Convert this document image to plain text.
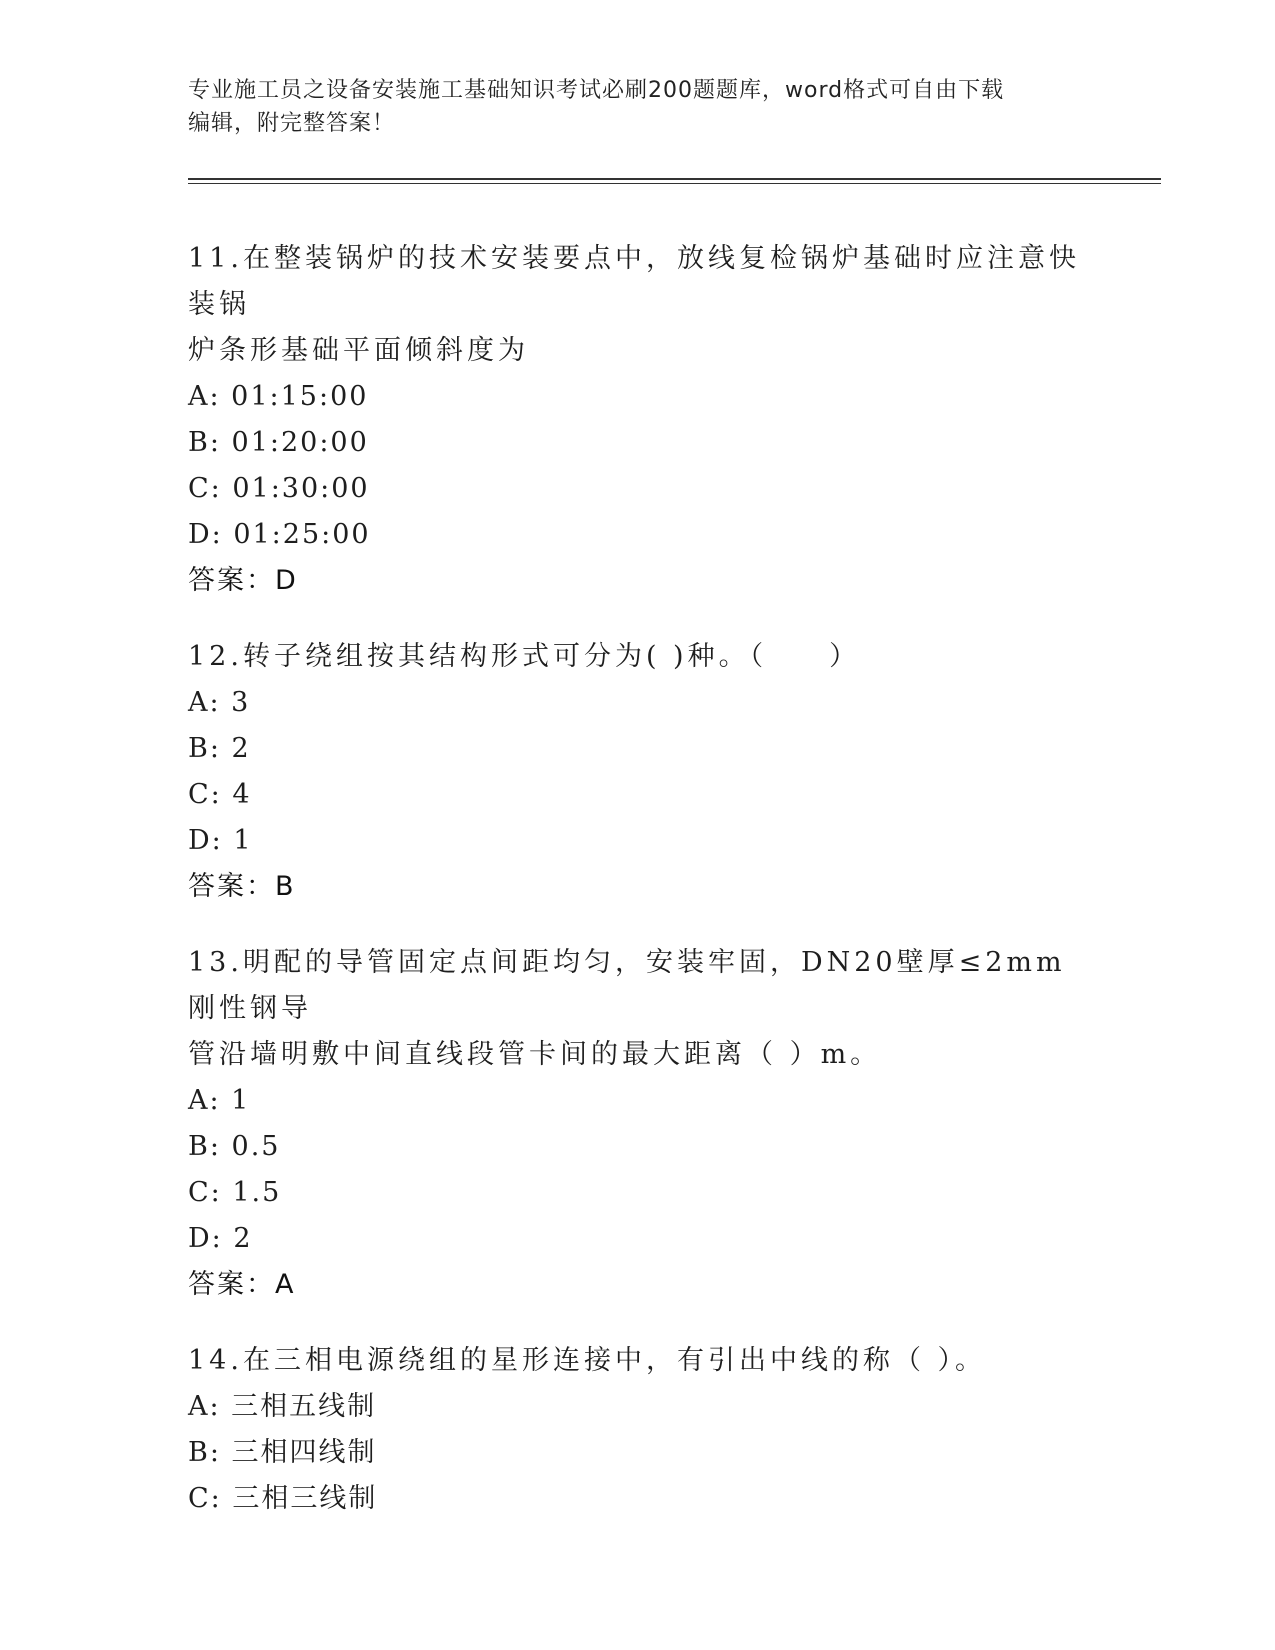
专业施工员之设备安装施工基础知识考试必刷200题题库，word格式可自由下载
编辑，附完整答案！
11.在整装锅炉的技术安装要点中，放线复检锅炉基础时应注意快装锅
炉条形基础平面倾斜度为
A: 01:15:00
B: 01:20:00
C: 01:30:00
D: 01:25:00
答案：D
12.转子绕组按其结构形式可分为( )种。（　　）
A: 3
B: 2
C: 4
D: 1
答案：B
13.明配的导管固定点间距均匀，安装牢固，DN20壁厚≤2mm刚性钢导
管沿墙明敷中间直线段管卡间的最大距离（ ）m。
A: 1
B: 0.5
C: 1.5
D: 2
答案：A
14.在三相电源绕组的星形连接中，有引出中线的称（ ）。
A: 三相五线制
B: 三相四线制
C: 三相三线制
